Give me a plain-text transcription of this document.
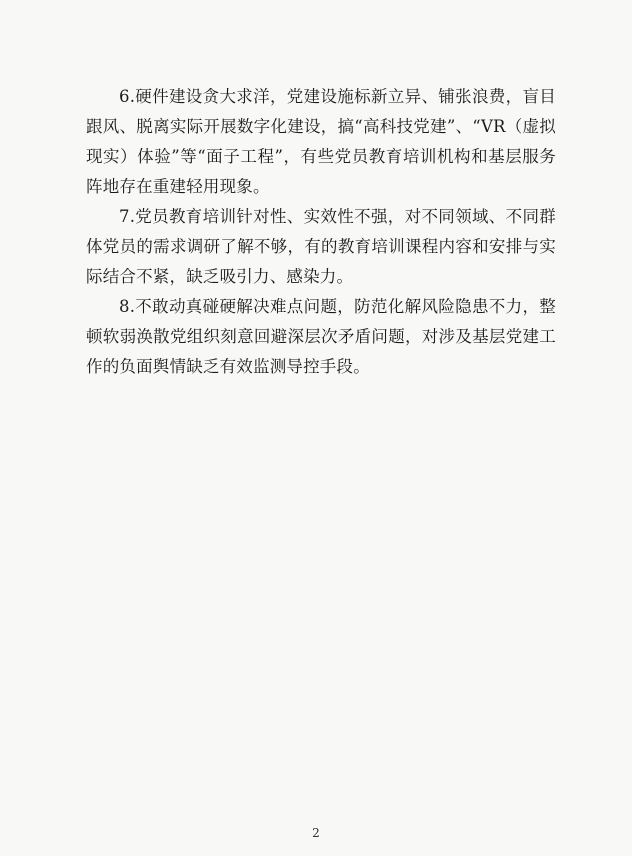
6.硬件建设贪大求洋，党建设施标新立异、铺张浪费，盲目跟风、脱离实际开展数字化建设，搞“高科技党建”、“VR（虚拟现实）体验”等“面子工程”，有些党员教育培训机构和基层服务阵地存在重建轻用现象。

7.党员教育培训针对性、实效性不强，对不同领域、不同群体党员的需求调研了解不够，有的教育培训课程内容和安排与实际结合不紧，缺乏吸引力、感染力。

8.不敢动真碰硬解决难点问题，防范化解风险隐患不力，整顿软弱涣散党组织刻意回避深层次矛盾问题，对涉及基层党建工作的负面舆情缺乏有效监测导控手段。

2
